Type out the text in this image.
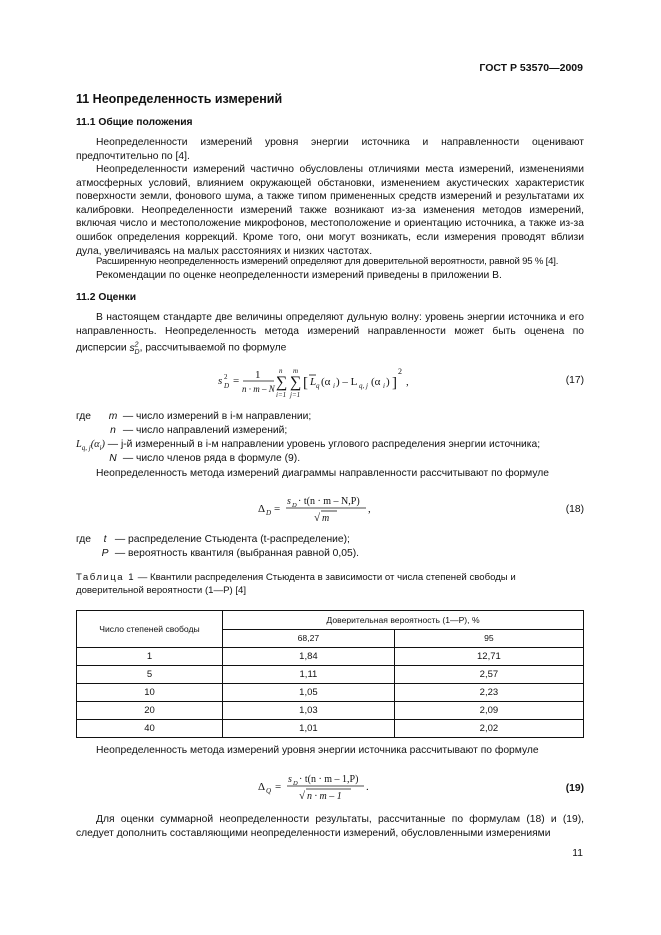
ГОСТ Р 53570—2009
11 Неопределенность измерений
11.1 Общие положения
Неопределенности измерений уровня энергии источника и направленности оценивают предпочтительно по [4].
Неопределенности измерений частично обусловлены отличиями места измерений, изменениями атмосферных условий, влиянием окружающей обстановки, изменением акустических характеристик поверхности земли, фонового шума, а также типом примененных средств измерений и результатами их калибровки. Неопределенности измерений также возникают из-за изменения методов измерений, включая число и местоположение микрофонов, местоположение и ориентацию источника, а также из-за ошибок определения коррекций. Кроме того, они могут возникать, если измерения проводят вблизи дула, увеличиваясь на малых расстояниях и низких частотах.
Расширенную неопределенность измерений определяют для доверительной вероятности, равной 95 % [4].
Рекомендации по оценке неопределенности измерений приведены в приложении В.
11.2 Оценки
В настоящем стандарте две величины определяют дульную волну: уровень энергии источника и его направленность. Неопределенность метода измерений направленности может быть оценена по дисперсии $s^2_D$, рассчитываемой по формуле
s 2
D = 1
n · m – N ∑
n
i=1
∑
m
j=1
[ L q (α i ) – L q, j (α i ) ]
2
,	(17)
где m — число измерений в i-м направлении;
n — число направлений измерений;
$L_{q, j}(\alpha_i)$ — j-й измеренный в i-м направлении уровень углового распределения энергии источника;
N — число членов ряда в формуле (9).
Неопределенность метода измерений диаграммы направленности рассчитывают по формуле
Δ D =
s D · t(n · m – N,P)
√ m
,	(18)
где	t — распределение Стьюдента (t-распределение);
P — вероятность квантиля (выбранная равной 0,05).
Таблица 1 — Квантили распределения Стьюдента в зависимости от числа степеней свободы и доверительной вероятности (1—P) [4]
Число степеней свободы	Доверительная вероятность (1—P), %	
	68,27	95
1	1,84	12,71
5	1,11	2,57
10	1,05	2,23
20	1,03	2,09
40	1,01	2,02
Неопределенность метода измерений уровня энергии источника рассчитывают по формуле
Δ Q =
s D · t(n · m – 1,P)
√ n · m – 1
.	(19)
Для оценки суммарной неопределенности результаты, рассчитанные по формулам (18) и (19), следует дополнить составляющими неопределенности измерений, обусловленными измерениями
11
